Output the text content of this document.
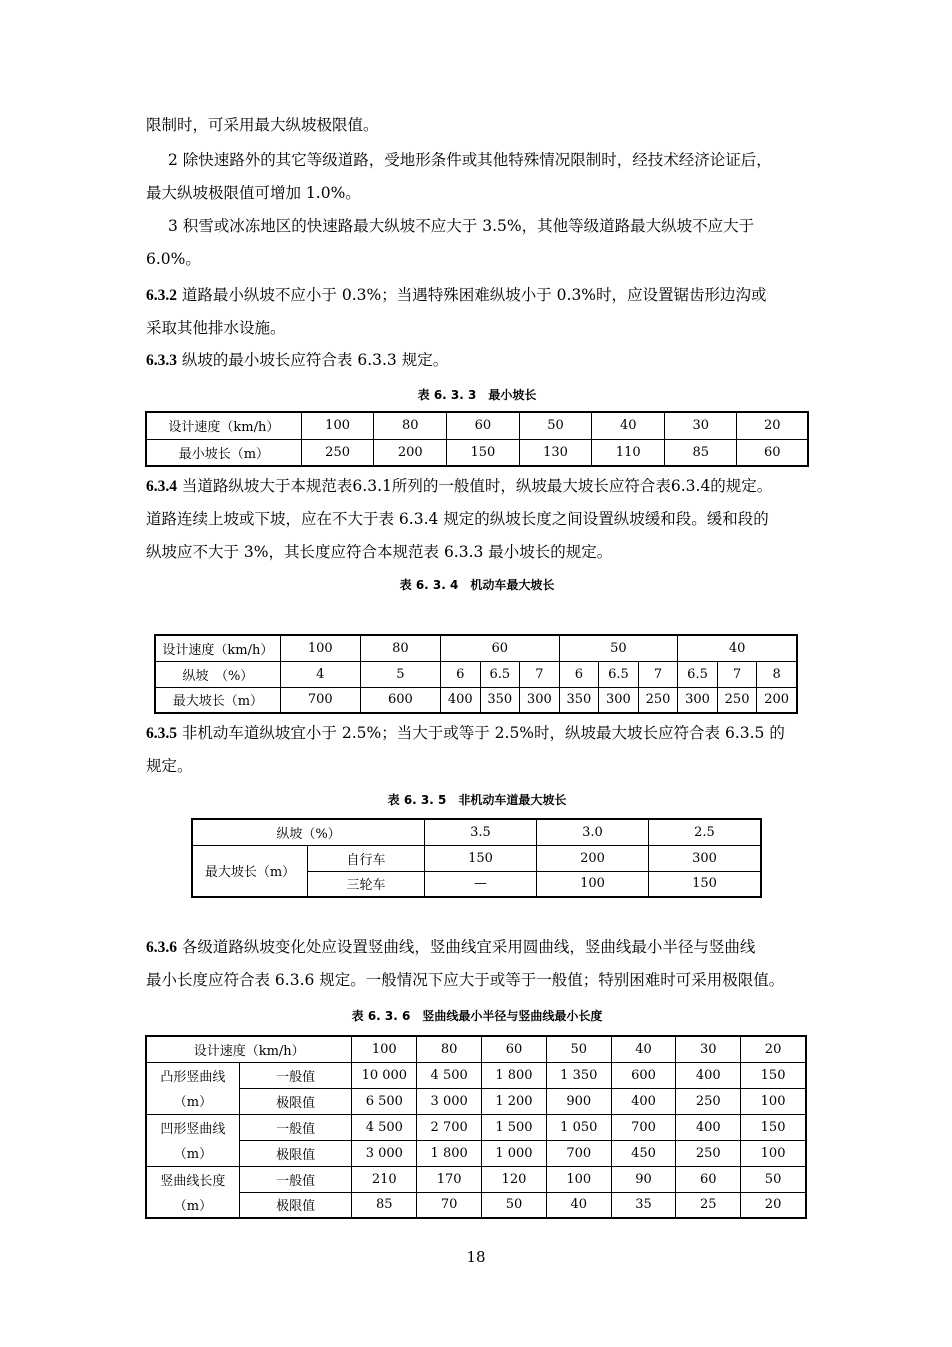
限制时，可采用最大纵坡极限值。

2 除快速路外的其它等级道路，受地形条件或其他特殊情况限制时，经技术经济论证后，

最大纵坡极限值可增加 1.0%。

3 积雪或冰冻地区的快速路最大纵坡不应大于 3.5%，其他等级道路最大纵坡不应大于

6.0%。

6.3.2 道路最小纵坡不应小于 0.3%；当遇特殊困难纵坡小于 0.3%时，应设置锯齿形边沟或

采取其他排水设施。

6.3.3 纵坡的最小坡长应符合表 6.3.3 规定。

表 6. 3. 3　最小坡长
设计速度（km/h）	100	80	60	50	40	30	20
最小坡长（m）	250	200	150	130	110	85	60

6.3.4 当道路纵坡大于本规范表6.3.1所列的一般值时，纵坡最大坡长应符合表6.3.4的规定。

道路连续上坡或下坡，应在不大于表 6.3.4 规定的纵坡长度之间设置纵坡缓和段。缓和段的

纵坡应不大于 3%，其长度应符合本规范表 6.3.3 最小坡长的规定。

表 6. 3. 4　机动车最大坡长
设计速度（km/h）	100	80	60			50			40		
纵坡　（%）	4	5	6	6.5	7	6	6.5	7	6.5	7	8
最大坡长（m）	700	600	400	350	300	350	300	250	300	250	200

6.3.5 非机动车道纵坡宜小于 2.5%；当大于或等于 2.5%时，纵坡最大坡长应符合表 6.3.5 的

规定。

表 6. 3. 5　非机动车道最大坡长
纵坡（%）		3.5	3.0	2.5
最大坡长（m）	自行车	150	200	300
	三轮车	—	100	150

6.3.6 各级道路纵坡变化处应设置竖曲线，竖曲线宜采用圆曲线，竖曲线最小半径与竖曲线

最小长度应符合表 6.3.6 规定。一般情况下应大于或等于一般值；特别困难时可采用极限值。

表 6. 3. 6　竖曲线最小半径与竖曲线最小长度
设计速度（km/h）		100	80	60	50	40	30	20
凸形竖曲线	一般值	10 000	4 500	1 800	1 350	600	400	150
（m）	极限值	6 500	3 000	1 200	900	400	250	100
凹形竖曲线	一般值	4 500	2 700	1 500	1 050	700	400	150
（m）	极限值	3 000	1 800	1 000	700	450	250	100
竖曲线长度	一般值	210	170	120	100	90	60	50
（m）	极限值	85	70	50	40	35	25	20
18
